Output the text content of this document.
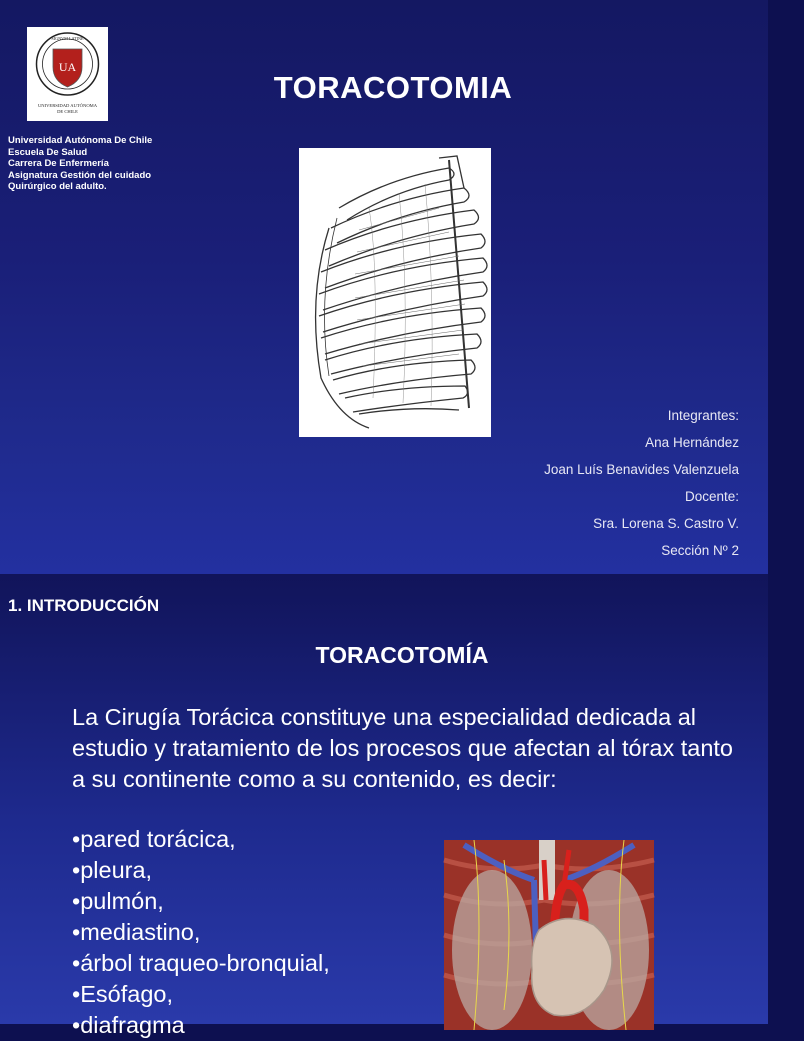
SIGNVM LATINE
UA
UNIVERSIDAD AUTÓNOMA
DE CHILE
Universidad Autónoma De Chile
Escuela De Salud
Carrera De Enfermería
Asignatura Gestión del cuidado
Quirúrgico del adulto.
TORACOTOMIA
Integrantes:
Ana Hernández
Joan Luís Benavides Valenzuela
Docente:
Sra. Lorena S. Castro V.
Sección Nº 2
1. INTRODUCCIÓN
TORACOTOMÍA
La Cirugía Torácica constituye una especialidad dedicada al estudio y tratamiento de los procesos que afectan al tórax tanto a su continente como a su contenido, es decir:
•pared torácica,
•pleura,
•pulmón,
•mediastino,
•árbol traqueo-bronquial,
•Esófago,
•diafragma
